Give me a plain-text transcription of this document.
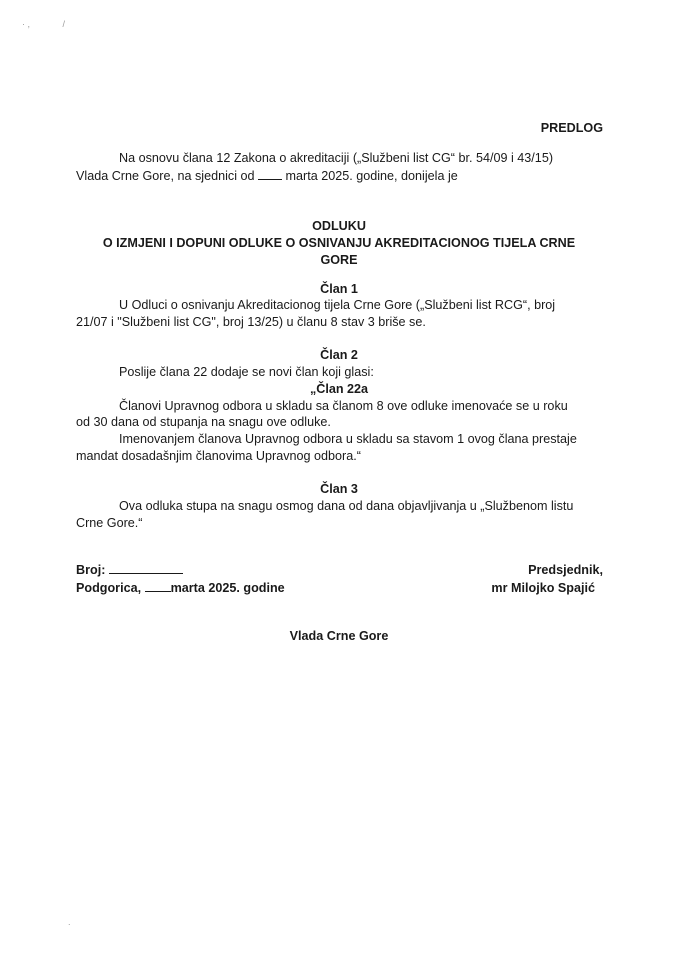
· ,             /
.
PREDLOG
Na osnovu člana 12 Zakona o akreditaciji („Službeni list CG“ br. 54/09 i 43/15)
Vlada Crne Gore, na sjednici od marta 2025. godine, donijela je
ODLUKU
O IZMJENI I DOPUNI ODLUKE O OSNIVANJU AKREDITACIONOG TIJELA CRNE
GORE
Član 1
U Odluci o osnivanju Akreditacionog tijela Crne Gore („Službeni list RCG“, broj
21/07 i "Službeni list CG", broj 13/25) u članu 8 stav 3 briše se.
Član 2
Poslije člana 22 dodaje se novi član koji glasi:
„Član 22a
Članovi Upravnog odbora u skladu sa članom 8 ove odluke imenovaće se u roku
od 30 dana od stupanja na snagu ove odluke.
Imenovanjem članova Upravnog odbora u skladu sa stavom 1 ovog člana prestaje
mandat dosadašnjim članovima Upravnog odbora.“
Član 3
Ova odluka stupa na snagu osmog dana od dana objavljivanja u „Službenom listu
Crne Gore.“
Broj:
Podgorica, marta 2025. godine
Predsjednik,
mr Milojko Spajić
Vlada Crne Gore
